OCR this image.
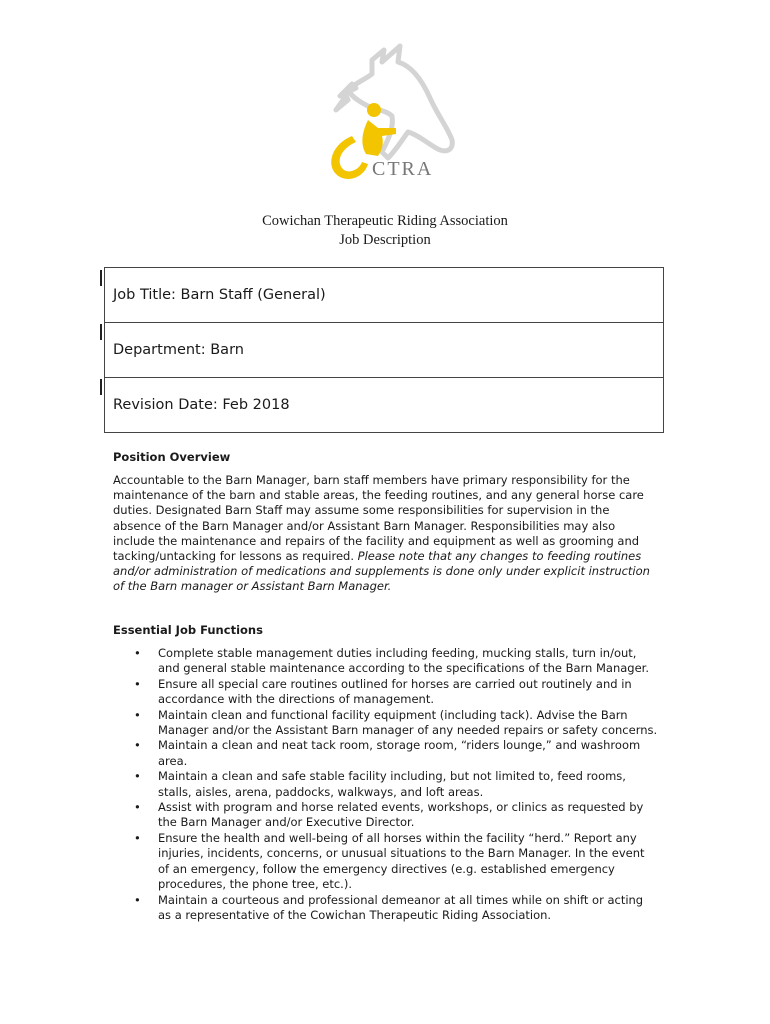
CTRA
Cowichan Therapeutic Riding Association
Job Description
Job Title: Barn Staff (General)
Department: Barn
Revision Date: Feb 2018
Position Overview
Accountable to the Barn Manager, barn staff members have primary responsibility for the maintenance of the barn and stable areas, the feeding routines, and any general horse care duties. Designated Barn Staff may assume some responsibilities for supervision in the absence of the Barn Manager and/or Assistant Barn Manager. Responsibilities may also include the maintenance and repairs of the facility and equipment as well as grooming and tacking/untacking for lessons as required. Please note that any changes to feeding routines and/or administration of medications and supplements is done only under explicit instruction of the Barn manager or Assistant Barn Manager.
Essential Job Functions
• Complete stable management duties including feeding, mucking stalls, turn in/out, and general stable maintenance according to the specifications of the Barn Manager.
• Ensure all special care routines outlined for horses are carried out routinely and in accordance with the directions of management.
• Maintain clean and functional facility equipment (including tack). Advise the Barn Manager and/or the Assistant Barn manager of any needed repairs or safety concerns.
• Maintain a clean and neat tack room, storage room, “riders lounge,” and washroom area.
• Maintain a clean and safe stable facility including, but not limited to, feed rooms, stalls, aisles, arena, paddocks, walkways, and loft areas.
• Assist with program and horse related events, workshops, or clinics as requested by the Barn Manager and/or Executive Director.
• Ensure the health and well-being of all horses within the facility “herd.” Report any injuries, incidents, concerns, or unusual situations to the Barn Manager. In the event of an emergency, follow the emergency directives (e.g. established emergency procedures, the phone tree, etc.).
• Maintain a courteous and professional demeanor at all times while on shift or acting as a representative of the Cowichan Therapeutic Riding Association.
